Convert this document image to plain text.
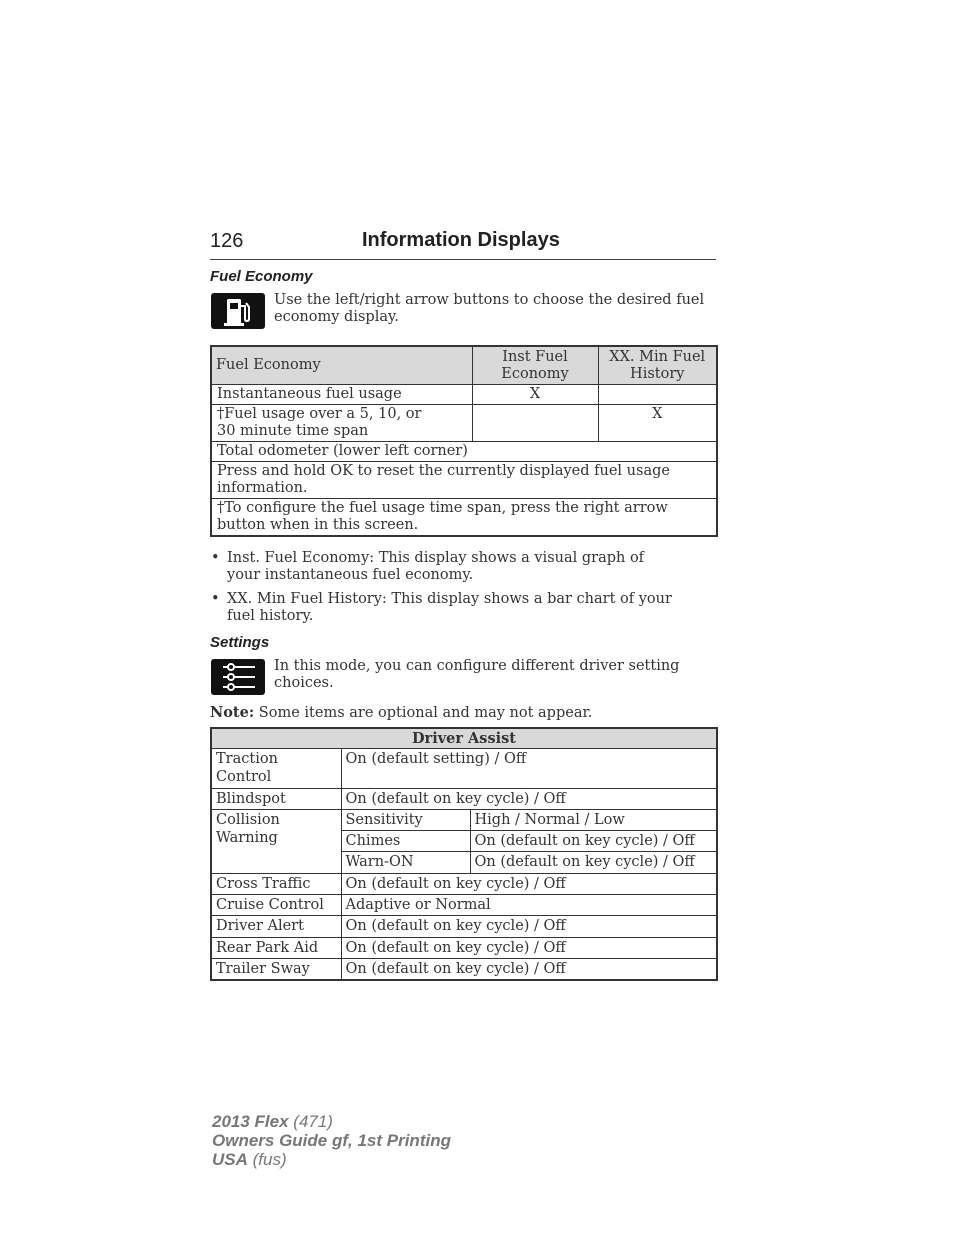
126	Information Displays
Fuel Economy
Use the left/right arrow buttons to choose the desired fuel economy display.
Fuel Economy	Inst Fuel Economy	XX. Min Fuel History
Instantaneous fuel usage	X	
†Fuel usage over a 5, 10, or 30 minute time span		X
Total odometer (lower left corner)		
Press and hold OK to reset the currently displayed fuel usage information.		
†To configure the fuel usage time span, press the right arrow button when in this screen.		
• Inst. Fuel Economy: This display shows a visual graph of your instantaneous fuel economy.
• XX. Min Fuel History: This display shows a bar chart of your fuel history.
Settings
In this mode, you can configure different driver setting choices.
Note: Some items are optional and may not appear.
Driver Assist		
Traction Control	On (default setting) / Off	
Blindspot	On (default on key cycle) / Off	
Collision Warning	Sensitivity	High / Normal / Low
	Chimes	On (default on key cycle) / Off
	Warn-ON	On (default on key cycle) / Off
Cross Traffic	On (default on key cycle) / Off	
Cruise Control	Adaptive or Normal	
Driver Alert	On (default on key cycle) / Off	
Rear Park Aid	On (default on key cycle) / Off	
Trailer Sway	On (default on key cycle) / Off	
2013 Flex (471)
Owners Guide gf, 1st Printing
USA (fus)
